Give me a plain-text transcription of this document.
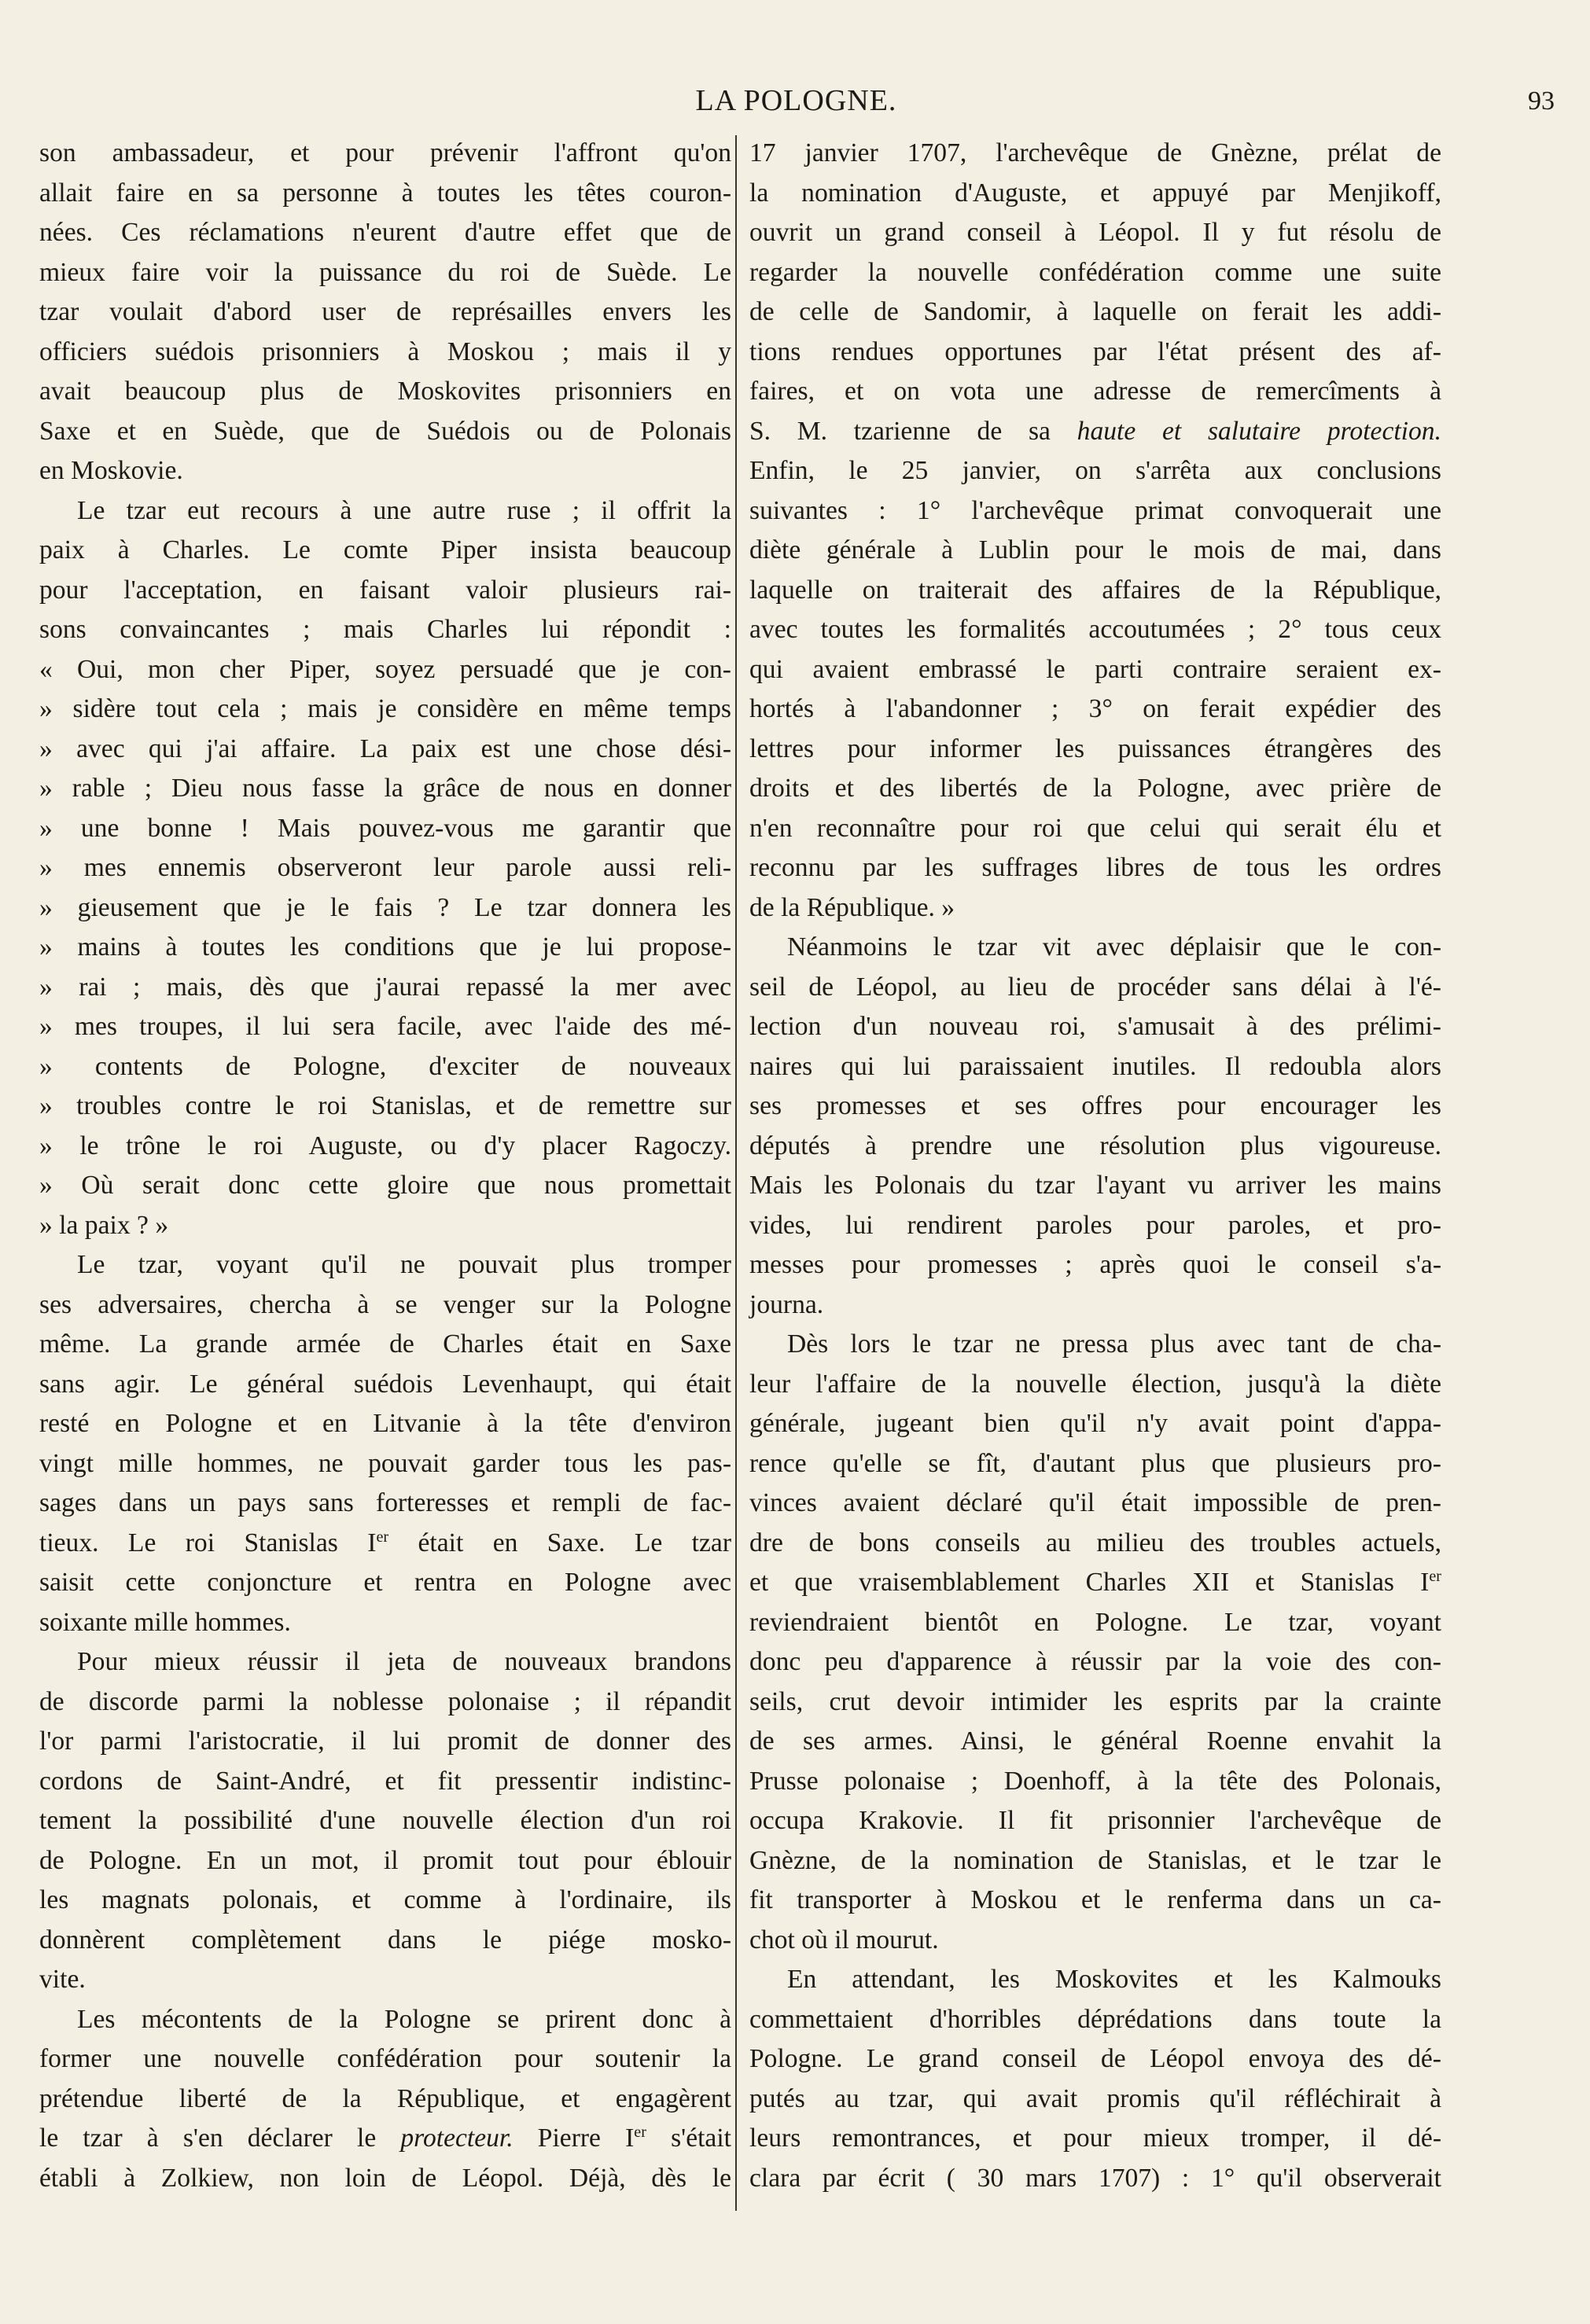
LA POLOGNE.	93
son ambassadeur, et pour prévenir l'affront qu'on
allait faire en sa personne à toutes les têtes couron-
nées. Ces réclamations n'eurent d'autre effet que de
mieux faire voir la puissance du roi de Suède. Le
tzar voulait d'abord user de représailles envers les
officiers suédois prisonniers à Moskou ; mais il y
avait beaucoup plus de Moskovites prisonniers en
Saxe et en Suède, que de Suédois ou de Polonais
en Moskovie.
Le tzar eut recours à une autre ruse ; il offrit la
paix à Charles. Le comte Piper insista beaucoup
pour l'acceptation, en faisant valoir plusieurs rai-
sons convaincantes ; mais Charles lui répondit :
« Oui, mon cher Piper, soyez persuadé que je con-
» sidère tout cela ; mais je considère en même temps
» avec qui j'ai affaire. La paix est une chose dési-
» rable ; Dieu nous fasse la grâce de nous en donner
» une bonne ! Mais pouvez-vous me garantir que
» mes ennemis observeront leur parole aussi reli-
» gieusement que je le fais ? Le tzar donnera les
» mains à toutes les conditions que je lui propose-
» rai ; mais, dès que j'aurai repassé la mer avec
» mes troupes, il lui sera facile, avec l'aide des mé-
» contents de Pologne, d'exciter de nouveaux
» troubles contre le roi Stanislas, et de remettre sur
» le trône le roi Auguste, ou d'y placer Ragoczy.
» Où serait donc cette gloire que nous promettait
» la paix ? »
Le tzar, voyant qu'il ne pouvait plus tromper
ses adversaires, chercha à se venger sur la Pologne
même. La grande armée de Charles était en Saxe
sans agir. Le général suédois Levenhaupt, qui était
resté en Pologne et en Litvanie à la tête d'environ
vingt mille hommes, ne pouvait garder tous les pas-
sages dans un pays sans forteresses et rempli de fac-
tieux. Le roi Stanislas Ier était en Saxe. Le tzar
saisit cette conjoncture et rentra en Pologne avec
soixante mille hommes.
Pour mieux réussir il jeta de nouveaux brandons
de discorde parmi la noblesse polonaise ; il répandit
l'or parmi l'aristocratie, il lui promit de donner des
cordons de Saint-André, et fit pressentir indistinc-
tement la possibilité d'une nouvelle élection d'un roi
de Pologne. En un mot, il promit tout pour éblouir
les magnats polonais, et comme à l'ordinaire, ils
donnèrent complètement dans le piége mosko-
vite.
Les mécontents de la Pologne se prirent donc à
former une nouvelle confédération pour soutenir la
prétendue liberté de la République, et engagèrent
le tzar à s'en déclarer le protecteur. Pierre Ier s'était
établi à Zolkiew, non loin de Léopol. Déjà, dès le
17 janvier 1707, l'archevêque de Gnèzne, prélat de
la nomination d'Auguste, et appuyé par Menjikoff,
ouvrit un grand conseil à Léopol. Il y fut résolu de
regarder la nouvelle confédération comme une suite
de celle de Sandomir, à laquelle on ferait les addi-
tions rendues opportunes par l'état présent des af-
faires, et on vota une adresse de remercîments à
S. M. tzarienne de sa haute et salutaire protection.
Enfin, le 25 janvier, on s'arrêta aux conclusions
suivantes : 1° l'archevêque primat convoquerait une
diète générale à Lublin pour le mois de mai, dans
laquelle on traiterait des affaires de la République,
avec toutes les formalités accoutumées ; 2° tous ceux
qui avaient embrassé le parti contraire seraient ex-
hortés à l'abandonner ; 3° on ferait expédier des
lettres pour informer les puissances étrangères des
droits et des libertés de la Pologne, avec prière de
n'en reconnaître pour roi que celui qui serait élu et
reconnu par les suffrages libres de tous les ordres
de la République. »
Néanmoins le tzar vit avec déplaisir que le con-
seil de Léopol, au lieu de procéder sans délai à l'é-
lection d'un nouveau roi, s'amusait à des prélimi-
naires qui lui paraissaient inutiles. Il redoubla alors
ses promesses et ses offres pour encourager les
députés à prendre une résolution plus vigoureuse.
Mais les Polonais du tzar l'ayant vu arriver les mains
vides, lui rendirent paroles pour paroles, et pro-
messes pour promesses ; après quoi le conseil s'a-
journa.
Dès lors le tzar ne pressa plus avec tant de cha-
leur l'affaire de la nouvelle élection, jusqu'à la diète
générale, jugeant bien qu'il n'y avait point d'appa-
rence qu'elle se fît, d'autant plus que plusieurs pro-
vinces avaient déclaré qu'il était impossible de pren-
dre de bons conseils au milieu des troubles actuels,
et que vraisemblablement Charles XII et Stanislas Ier
reviendraient bientôt en Pologne. Le tzar, voyant
donc peu d'apparence à réussir par la voie des con-
seils, crut devoir intimider les esprits par la crainte
de ses armes. Ainsi, le général Roenne envahit la
Prusse polonaise ; Doenhoff, à la tête des Polonais,
occupa Krakovie. Il fit prisonnier l'archevêque de
Gnèzne, de la nomination de Stanislas, et le tzar le
fit transporter à Moskou et le renferma dans un ca-
chot où il mourut.
En attendant, les Moskovites et les Kalmouks
commettaient d'horribles déprédations dans toute la
Pologne. Le grand conseil de Léopol envoya des dé-
putés au tzar, qui avait promis qu'il réfléchirait à
leurs remontrances, et pour mieux tromper, il dé-
clara par écrit ( 30 mars 1707) : 1° qu'il observerait
